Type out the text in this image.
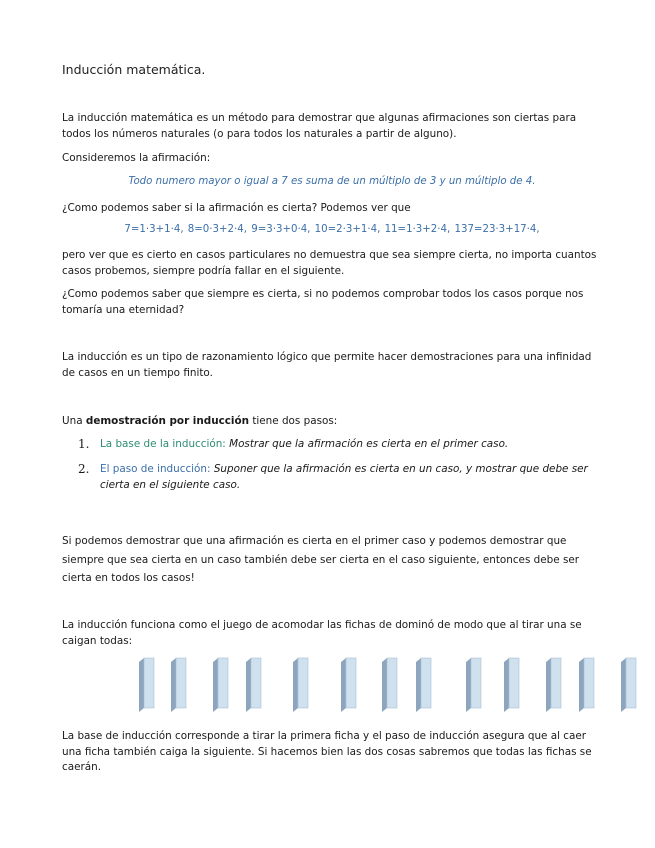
Inducción matemática.
La inducción matemática es un método para demostrar que algunas afirmaciones son ciertas para todos los números naturales (o para todos los naturales a partir de alguno).
Consideremos la afirmación:
Todo numero mayor o igual a 7 es suma de un múltiplo de 3 y un múltiplo de 4.
¿Como podemos saber si la afirmación es cierta? Podemos ver que
7=1·3+1·4, 8=0·3+2·4, 9=3·3+0·4, 10=2·3+1·4, 11=1·3+2·4, 137=23·3+17·4,
pero ver que es cierto en casos particulares no demuestra que sea siempre cierta, no importa cuantos casos probemos, siempre podría fallar en el siguiente.
¿Como podemos saber que siempre es cierta, si no podemos comprobar todos los casos porque nos tomaría una eternidad?
La inducción es un tipo de razonamiento lógico que permite hacer demostraciones para una infinidad de casos en un tiempo finito.
Una demostración por inducción tiene dos pasos:
1. La base de la inducción: Mostrar que la afirmación es cierta en el primer caso.
2. El paso de inducción: Suponer que la afirmación es cierta en un caso, y mostrar que debe ser cierta en el siguiente caso.
Si podemos demostrar que una afirmación es cierta en el primer caso y podemos demostrar que siempre que sea cierta en un caso también debe ser cierta en el caso siguiente, entonces debe ser cierta en todos los casos!
La inducción funciona como el juego de acomodar las fichas de dominó de modo que al tirar una se caigan todas:
La base de inducción corresponde a tirar la primera ficha y el paso de inducción asegura que al caer una ficha también caiga la siguiente. Si hacemos bien las dos cosas sabremos que todas las fichas se caerán.
